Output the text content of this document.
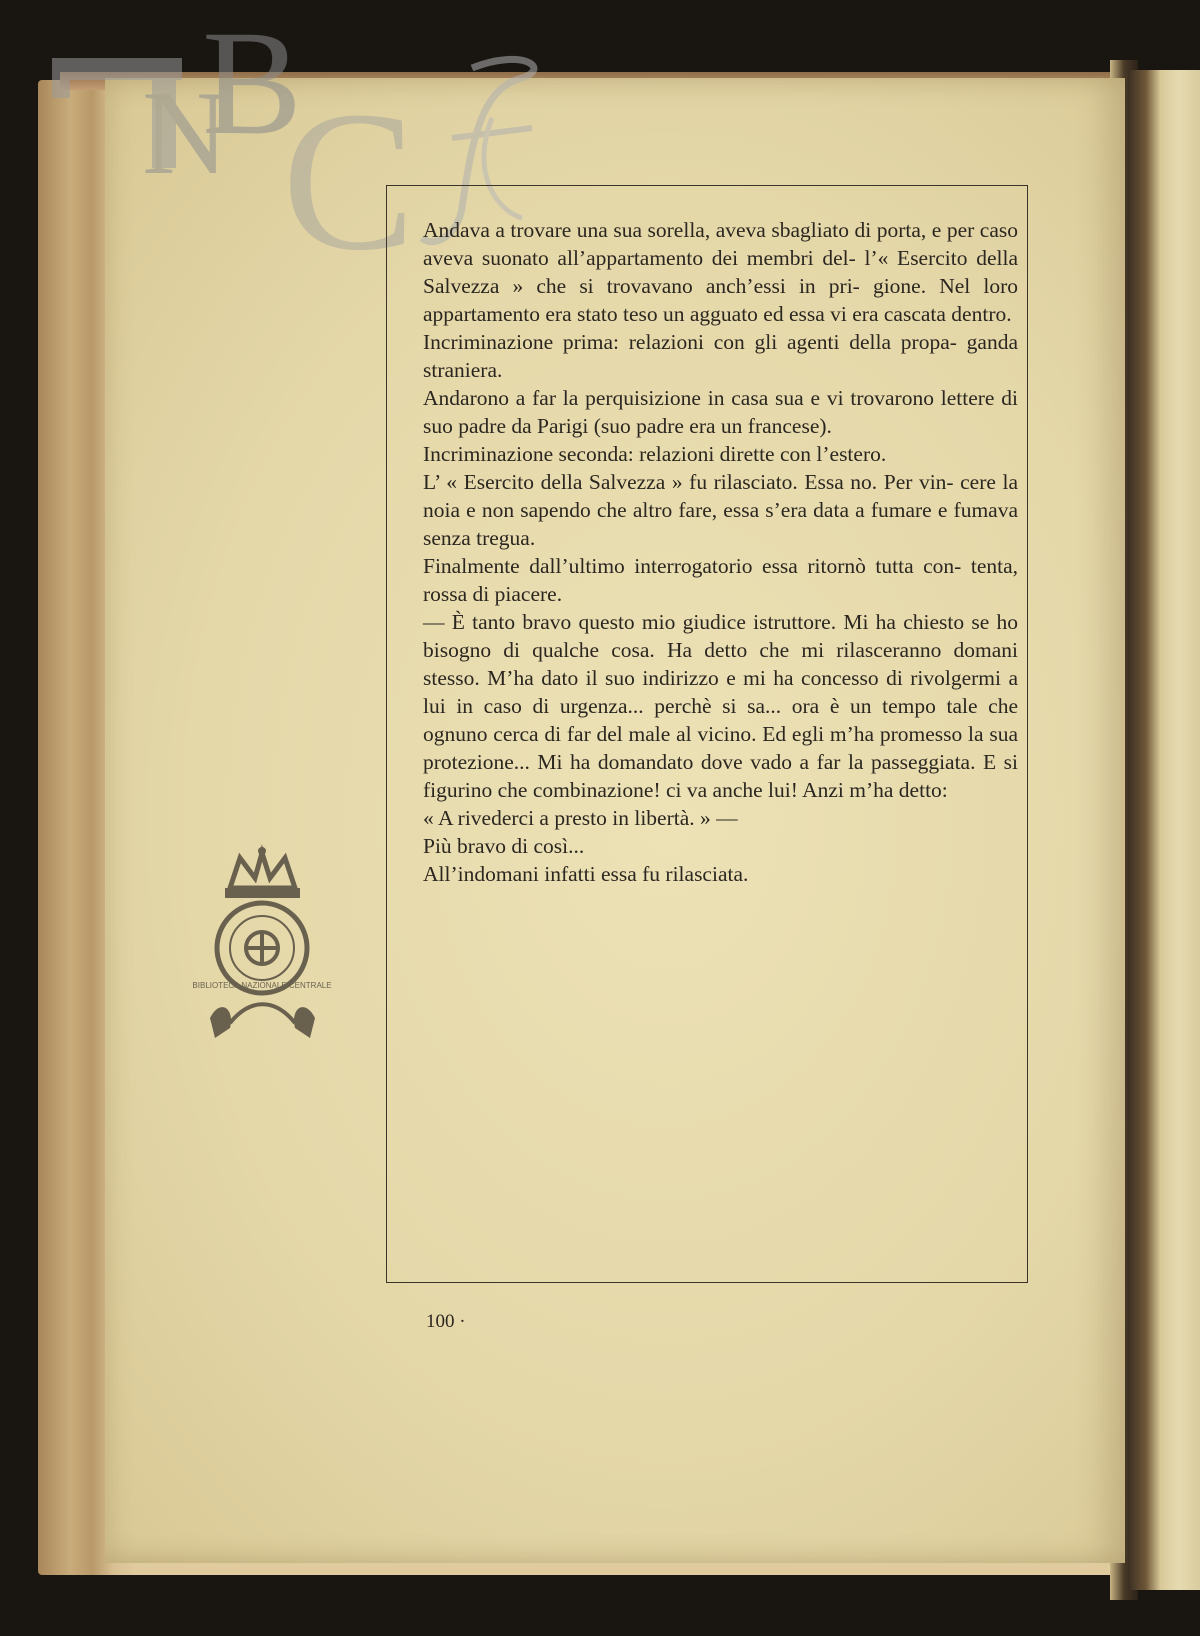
N
B
C
BIBLIOTECA NAZIONALE CENTRALE

Andava a trovare una sua sorella, aveva sbagliato di porta, e per caso aveva suonato all’appartamento dei membri del- l’« Esercito della Salvezza » che si trovavano anch’essi in pri- gione. Nel loro appartamento era stato teso un agguato ed essa vi era cascata dentro.

Incriminazione prima: relazioni con gli agenti della propa- ganda straniera.

Andarono a far la perquisizione in casa sua e vi trovarono lettere di suo padre da Parigi (suo padre era un francese).

Incriminazione seconda: relazioni dirette con l’estero.

L’ « Esercito della Salvezza » fu rilasciato. Essa no. Per vin- cere la noia e non sapendo che altro fare, essa s’era data a fumare e fumava senza tregua.

Finalmente dall’ultimo interrogatorio essa ritornò tutta con- tenta, rossa di piacere.

— È tanto bravo questo mio giudice istruttore. Mi ha chiesto se ho bisogno di qualche cosa. Ha detto che mi rilasceranno domani stesso. M’ha dato il suo indirizzo e mi ha concesso di rivolgermi a lui in caso di urgenza... perchè si sa... ora è un tempo tale che ognuno cerca di far del male al vicino. Ed egli m’ha promesso la sua protezione... Mi ha domandato dove vado a far la passeggiata. E si figurino che combinazione! ci va anche lui! Anzi m’ha detto:

« A rivederci a presto in libertà. » —

Più bravo di così...

All’indomani infatti essa fu rilasciata.

100 ·
